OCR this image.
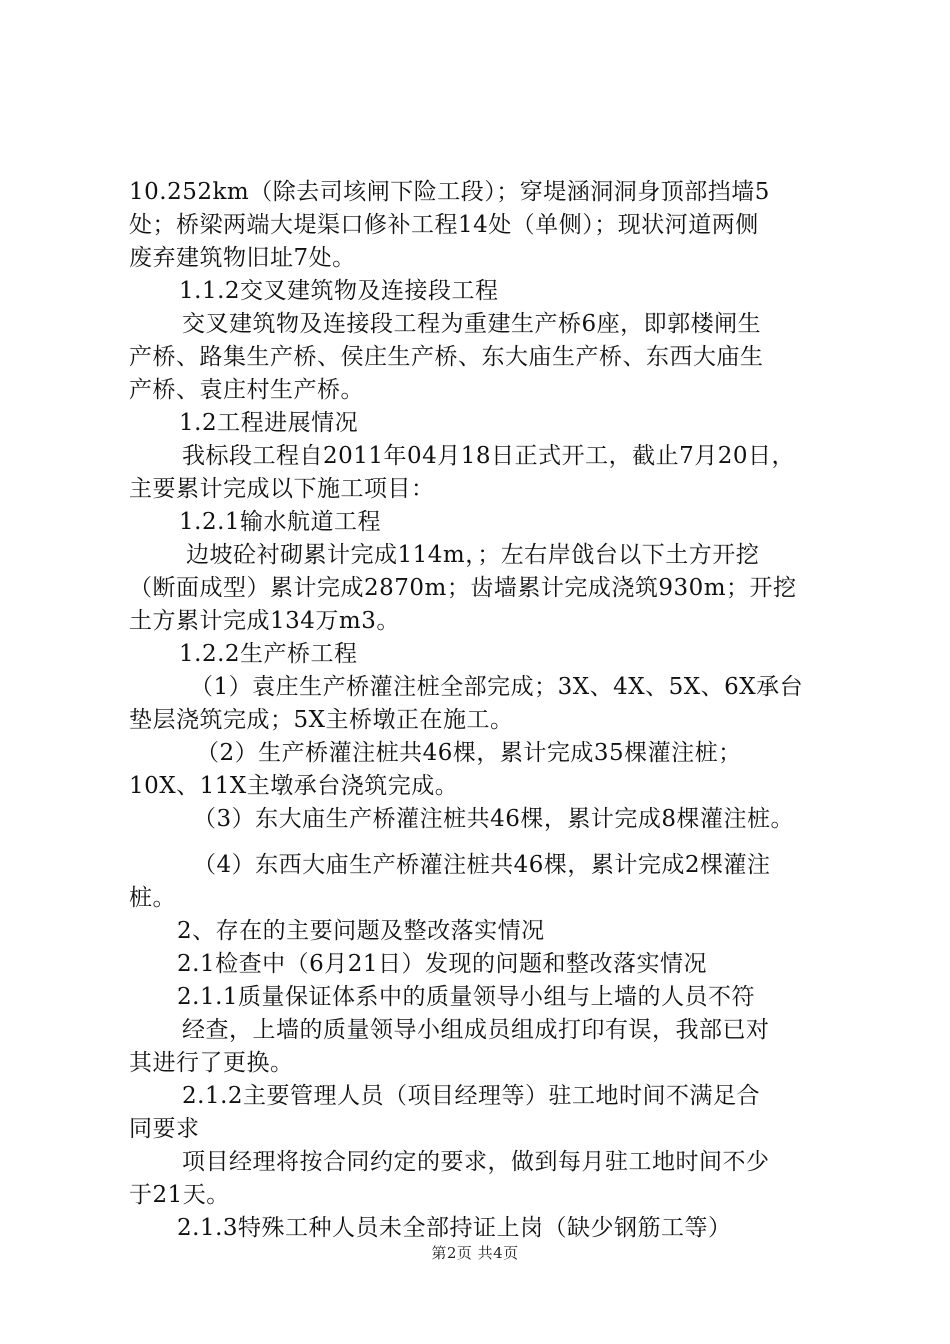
10.252km（除去司垓闸下险工段）；穿堤涵洞洞身顶部挡墙5
处；桥梁两端大堤渠口修补工程14处（单侧）；现状河道两侧
废弃建筑物旧址7处。
1.1.2交叉建筑物及连接段工程
交叉建筑物及连接段工程为重建生产桥6座，即郭楼闸生
产桥、路集生产桥、侯庄生产桥、东大庙生产桥、东西大庙生
产桥、袁庄村生产桥。
1.2工程进展情况
我标段工程自2011年04月18日正式开工，截止7月20日，
主要累计完成以下施工项目：
1.2.1输水航道工程
边坡砼衬砌累计完成114m，；左右岸戗台以下土方开挖
（断面成型）累计完成2870m；齿墙累计完成浇筑930m；开挖
土方累计完成134万m3。
1.2.2生产桥工程
（1）袁庄生产桥灌注桩全部完成；3X、4X、5X、6X承台
垫层浇筑完成；5X主桥墩正在施工。
（2）生产桥灌注桩共46棵，累计完成35棵灌注桩；
10X、11X主墩承台浇筑完成。
（3）东大庙生产桥灌注桩共46棵，累计完成8棵灌注桩。
（4）东西大庙生产桥灌注桩共46棵，累计完成2棵灌注
桩。
2、存在的主要问题及整改落实情况
2.1检查中（6月21日）发现的问题和整改落实情况
2.1.1质量保证体系中的质量领导小组与上墙的人员不符
经查，上墙的质量领导小组成员组成打印有误，我部已对
其进行了更换。
2.1.2主要管理人员（项目经理等）驻工地时间不满足合
同要求
项目经理将按合同约定的要求，做到每月驻工地时间不少
于21天。
2.1.3特殊工种人员未全部持证上岗（缺少钢筋工等）
第2页 共4页
